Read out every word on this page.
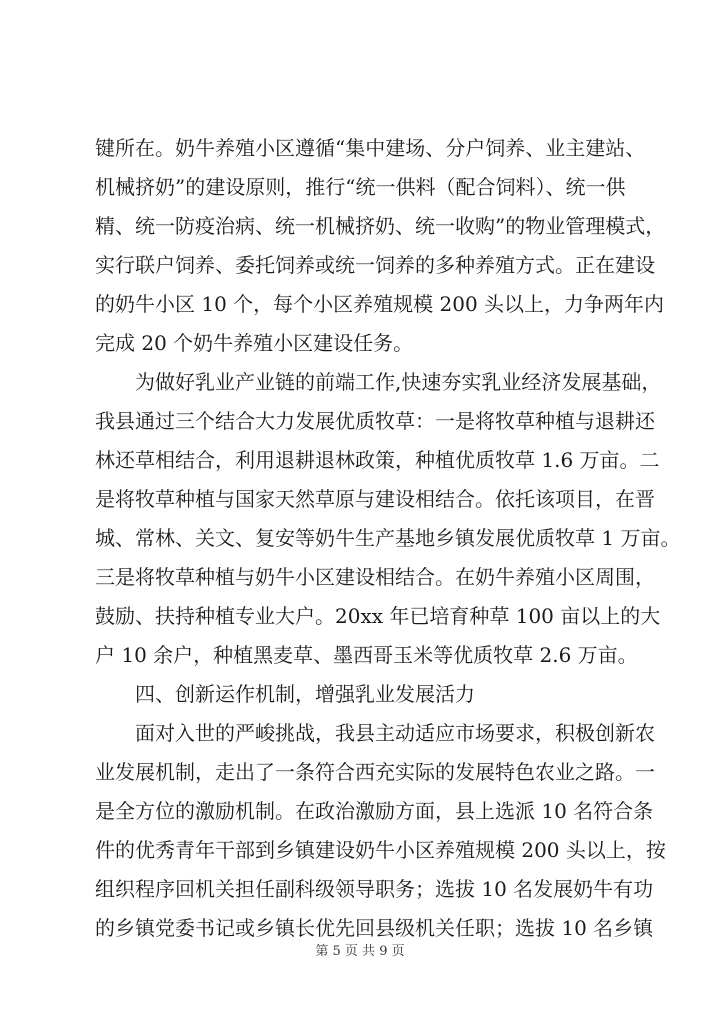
键所在。奶牛养殖小区遵循“集中建场、分户饲养、业主建站、
机械挤奶”的建设原则，推行“统一供料（配合饲料）、统一供
精、统一防疫治病、统一机械挤奶、统一收购”的物业管理模式，
实行联户饲养、委托饲养或统一饲养的多种养殖方式。正在建设
的奶牛小区 10 个，每个小区养殖规模 200 头以上，力争两年内
完成 20 个奶牛养殖小区建设任务。
为做好乳业产业链的前端工作,快速夯实乳业经济发展基础，
我县通过三个结合大力发展优质牧草：一是将牧草种植与退耕还
林还草相结合，利用退耕退林政策，种植优质牧草 1.6 万亩。二
是将牧草种植与国家天然草原与建设相结合。依托该项目，在晋
城、常林、关文、复安等奶牛生产基地乡镇发展优质牧草 1 万亩。
三是将牧草种植与奶牛小区建设相结合。在奶牛养殖小区周围，
鼓励、扶持种植专业大户。20xx 年已培育种草 100 亩以上的大
户 10 余户，种植黑麦草、墨西哥玉米等优质牧草 2.6 万亩。
四、创新运作机制，增强乳业发展活力
面对入世的严峻挑战，我县主动适应市场要求，积极创新农
业发展机制，走出了一条符合西充实际的发展特色农业之路。一
是全方位的激励机制。在政治激励方面，县上选派 10 名符合条
件的优秀青年干部到乡镇建设奶牛小区养殖规模 200 头以上，按
组织程序回机关担任副科级领导职务；选拔 10 名发展奶牛有功
的乡镇党委书记或乡镇长优先回县级机关任职；选拔 10 名乡镇
第 5 页 共 9 页
